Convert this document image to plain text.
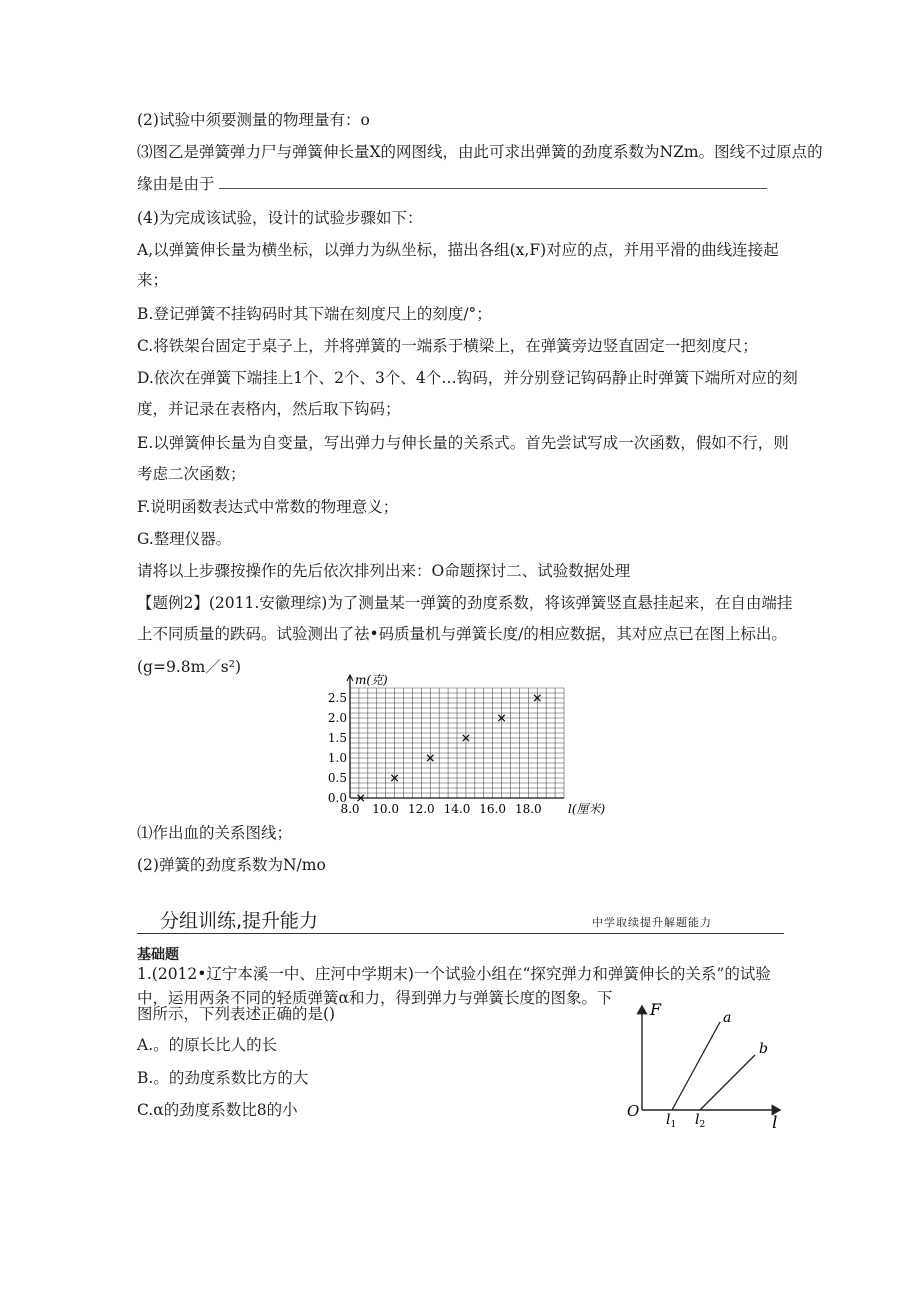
(2)试验中须要测量的物理量有：o
⑶图乙是弹簧弹力尸与弹簧伸长量X的网图线，由此可求出弹簧的劲度系数为NZm。图线不过原点的
缘由是由于
(4)为完成该试验，设计的试验步骤如下：
A,以弹簧伸长量为横坐标，以弹力为纵坐标，描出各组(x,F)对应的点，并用平滑的曲线连接起
来；
B.登记弹簧不挂钩码时其下端在刻度尺上的刻度/°；
C.将铁架台固定于桌子上，并将弹簧的一端系于横梁上，在弹簧旁边竖直固定一把刻度尺；
D.依次在弹簧下端挂上1个、2个、3个、4个…钩码，并分别登记钩码静止时弹簧下端所对应的刻
度，并记录在表格内，然后取下钩码；
E.以弹簧伸长量为自变量，写出弹力与伸长量的关系式。首先尝试写成一次函数，假如不行，则
考虑二次函数；
F.说明函数表达式中常数的物理意义；
G.整理仪器。
请将以上步骤按操作的先后依次排列出来：O命题探讨二、试验数据处理
【题例2】(2011.安徽理综)为了测量某一弹簧的劲度系数，将该弹簧竖直悬挂起来，在自由端挂
上不同质量的跌码。试验测出了祛•码质量机与弹簧长度/的相应数据，其对应点已在图上标出。
(g=9.8m／s²)
8.0 10.0 12.0 14.0 16.0 18.0
0.0
0.5
1.0
1.5
2.0
2.5
m(克)
l(厘米)
⑴作出血的关系图线；
(2)弹簧的劲度系数为N/mo
分组训练,提升能力	中学取续提升解题能力
基础题
1.(2012•辽宁本溪一中、庄河中学期末)一个试验小组在“探究弹力和弹簧伸长的关系”的试验
中，运用两条不同的轻质弹簧α和力，得到弹力与弹簧长度的图象。下
图所示，下列表述正确的是()
A.。的原长比人的长
B.。的劲度系数比方的大
C.α的劲度系数比8的小
F
O
l
a
b
$l_1$ $l_2$
